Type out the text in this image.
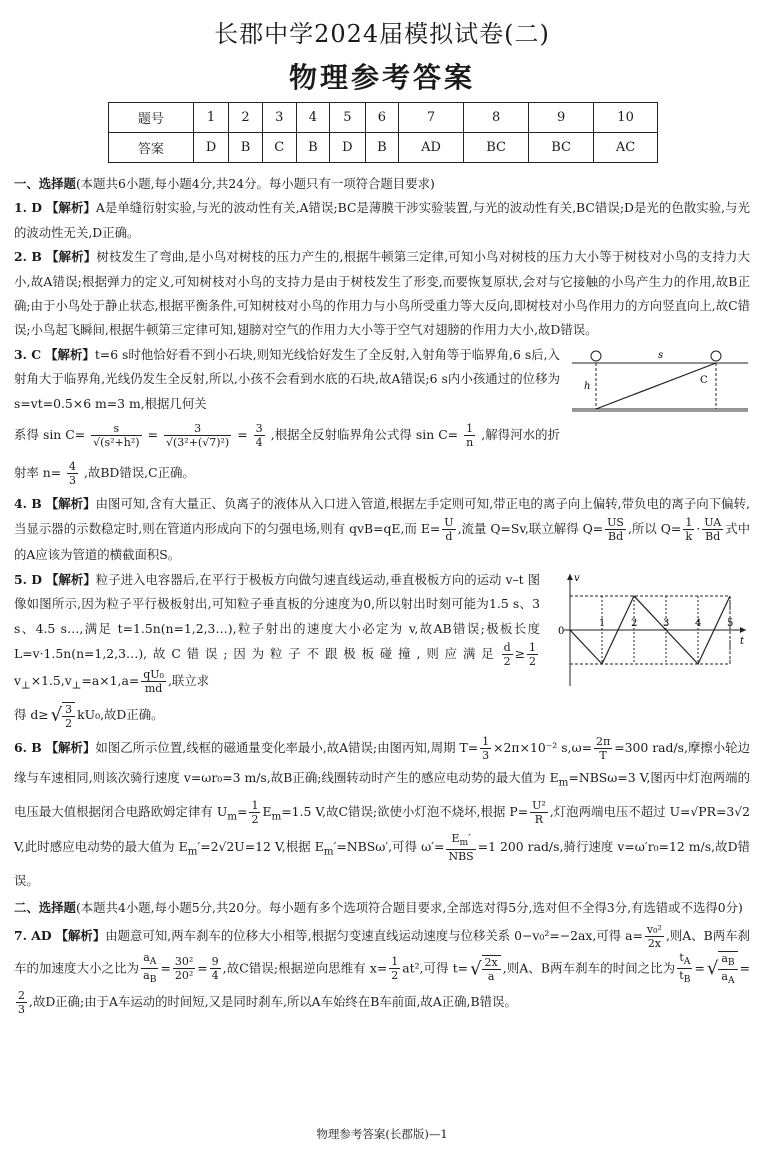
长郡中学2024届模拟试卷(二)
物理参考答案
题号	1	2	3	4	5	6	7	8	9	10
答案	D	B	C	B	D	B	AD	BC	BC	AC

一、选择题(本题共6小题,每小题4分,共24分。每小题只有一项符合题目要求)

1. D 【解析】A是单缝衍射实验,与光的波动性有关,A错误;BC是薄膜干涉实验装置,与光的波动性有关,BC错误;D是光的色散实验,与光的波动性无关,D正确。

2. B 【解析】树枝发生了弯曲,是小鸟对树枝的压力产生的,根据牛顿第三定律,可知小鸟对树枝的压力大小等于树枝对小鸟的支持力大小,故A错误;根据弹力的定义,可知树枝对小鸟的支持力是由于树枝发生了形变,而要恢复原状,会对与它接触的小鸟产生力的作用,故B正确;由于小鸟处于静止状态,根据平衡条件,可知树枝对小鸟的作用力与小鸟所受重力等大反向,即树枝对小鸟作用力的方向竖直向上,故C错误;小鸟起飞瞬间,根据牛顿第三定律可知,翅膀对空气的作用力大小等于空气对翅膀的作用力大小,故D错误。

s
h
C
3. C 【解析】t=6 s时他恰好看不到小石块,则知光线恰好发生了全反射,入射角等于临界角,6 s后,入射角大于临界角,光线仍发生全反射,所以,小孩不会看到水底的石块,故A错误;6 s内小孩通过的位移为 s=vt=0.5×6 m=3 m,根据几何关

系得 $\sin C= \frac{s}{\text{√(s²+h²)}} = \frac{3}{\text{√(3²+(√7)²)}} = \frac{3}{4}$ ,根据全反射临界角公式得 $\sin C= \frac{1}{n}$ ,解得河水的折射率 $n= \frac{4}{3}$ ,故BD错误,C正确。

4. B 【解析】由图可知,含有大量正、负离子的液体从入口进入管道,根据左手定则可知,带正电的离子向上偏转,带负电的离子向下偏转,当显示器的示数稳定时,则在管道内形成向下的匀强电场,则有 qvB=qE,而 $E= \frac{U}{d}$ ,流量 Q=Sv,联立解得 $Q= \frac{US}{Bd}$ ,所以 $Q= \frac{1}{k} \cdot \frac{UA}{Bd}$ 式中的A应该为管道的横截面积S。

v
t
0
1	2	3	4	5
5. D 【解析】粒子进入电容器后,在平行于极板方向做匀速直线运动,垂直极板方向的运动 v–t 图像如图所示,因为粒子平行极板射出,可知粒子垂直板的分速度为0,所以射出时刻可能为1.5 s、3 s、4.5 s…,满足 t=1.5n(n=1,2,3…),粒子射出的速度大小必定为 v,故AB错误;极板长度 L=v·1.5n(n=1,2,3…),故C错误;因为粒子不跟极板碰撞,则应满足 $\frac{d}{2} \ge \frac{1}{2}$
$v_\perp\times 1.5,v_\perp=a\times 1,a= \frac{\text{qU₀}}{md}$ ,联立求

得 d≥ √ $\frac{3}{2} kU_0$,故D正确。

6. B 【解析】如图乙所示位置,线框的磁通量变化率最小,故A错误;由图丙知,周期 $T= \frac{1}{3} \times 2\pi\times 10^{-2}$ $s,\omega= \frac{2\pi}{T} =300$ rad/s,摩擦小轮边缘与车速相同,则该次骑行速度 v=ωr₀=3 m/s,故B正确;线圈转动时产生的感应电动势的最大值为 $E_m=NBS\omega=3$ V,图丙中灯泡两端的电压最大值根据闭合电路欧姆定律有 $U_m= \frac{1}{2} E_m=1.5$ V,故C错误;欲使小灯泡不烧坏,根据 $P= \frac{\text{U²}}{R}$ ,灯泡两端电压不超过 U=√PR=3√2 V,此时感应电动势的最大值为 $E_m'=2√2U=12$ V,根据 $E_m'=NBS\omega'$,可得 ω′=
$E_m'$
NBS
=1 200 rad/s,骑行速度 v=ω′r₀=12 m/s,故D错误。

二、选择题(本题共4小题,每小题5分,共20分。每小题有多个选项符合题目要求,全部选对得5分,选对但不全得3分,有选错或不选得0分)

7. AD 【解析】由题意可知,两车刹车的位移大小相等,根据匀变速直线运动速度与位移关系 0−v₀²=−2ax,可得 $a= \frac{\text{v₀²}}{2x}$ ,则A、B两车刹车的加速度大小之比为 $\frac{a_A}{a_B} = \frac{\text{30²}}{\text{20²}} = \frac{9}{4}$ ,故C错误;根据逆向思维有 $x= \frac{1}{2} at^2$,可得 t= √ $\frac{2x}{a}$ ,则A、B两车刹车的时间之比为 $\frac{t_A}{t_B}$ = √ $\frac{a_B}{a_A}$ =
$\frac{2}{3}$ ,故D正确;由于A车运动的时间短,又是同时刹车,所以A车始终在B车前面,故A正确,B错误。

物理参考答案(长郡版)—1
